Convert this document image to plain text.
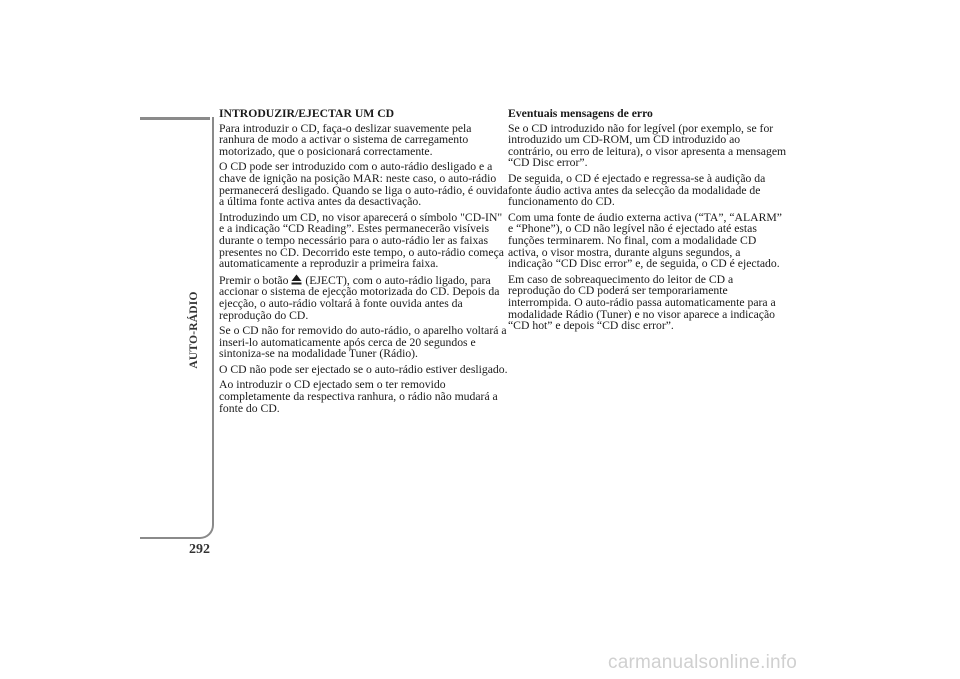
AUTO-RÁDIO
292
INTRODUZIR/EJECTAR UM CD

Para introduzir o CD, faça-o deslizar suavemente pela ranhura de modo a activar o sistema de carregamento motorizado, que o posicionará correctamente.

O CD pode ser introduzido com o auto-rádio desligado e a chave de ignição na posição MAR: neste caso, o auto-rádio permanecerá desligado. Quando se liga o auto-rádio, é ouvida a última fonte activa antes da desactivação.

Introduzindo um CD, no visor aparecerá o símbolo "CD-IN" e a indicação “CD Reading”. Estes permanecerão visíveis durante o tempo necessário para o auto-rádio ler as faixas presentes no CD. Decorrido este tempo, o auto-rádio começa automaticamente a reproduzir a primeira faixa.

Premir o botão (EJECT), com o auto-rádio ligado, para accionar o sistema de ejecção motorizada do CD. Depois da ejecção, o auto-rádio voltará à fonte ouvida antes da reprodução do CD.

Se o CD não for removido do auto-rádio, o aparelho voltará a inseri-lo automaticamente após cerca de 20 segundos e sintoniza-se na modalidade Tuner (Rádio).

O CD não pode ser ejectado se o auto-rádio estiver desligado.

Ao introduzir o CD ejectado sem o ter removido completamente da respectiva ranhura, o rádio não mudará a fonte do CD.

Eventuais mensagens de erro

Se o CD introduzido não for legível (por exemplo, se for introduzido um CD-ROM, um CD introduzido ao contrário, ou erro de leitura), o visor apresenta a mensagem “CD Disc error”.

De seguida, o CD é ejectado e regressa-se à audição da fonte áudio activa antes da selecção da modalidade de funcionamento do CD.

Com uma fonte de áudio externa activa (“TA”, “ALARM” e “Phone”), o CD não legível não é ejectado até estas funções terminarem. No final, com a modalidade CD activa, o visor mostra, durante alguns segundos, a indicação “CD Disc error” e, de seguida, o CD é ejectado.

Em caso de sobreaquecimento do leitor de CD a reprodução do CD poderá ser temporariamente interrompida. O auto-rádio passa automaticamente para a modalidade Rádio (Tuner) e no visor aparece a indicação “CD hot” e depois “CD disc error”.

carmanualsonline.info
